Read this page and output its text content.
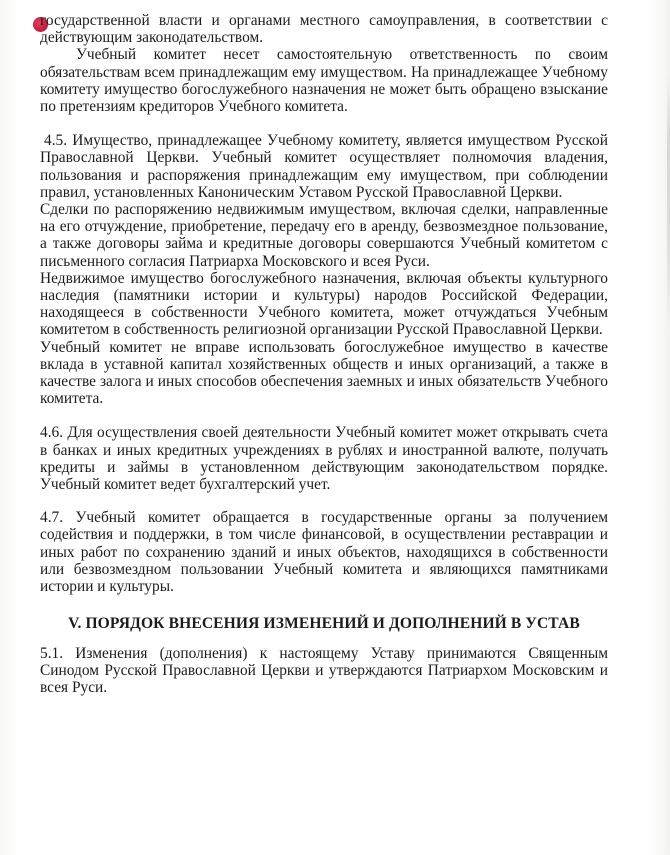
государственной власти и органами местного самоуправления, в соответствии с действующим законодательством.

Учебный комитет несет самостоятельную ответственность по своим обязательствам всем принадлежащим ему имуществом. На принадлежащее Учебному комитету имущество богослужебного назначения не может быть обращено взыскание по претензиям кредиторов Учебного комитета.

4.5. Имущество, принадлежащее Учебному комитету, является имуществом Русской Православной Церкви. Учебный комитет осуществляет полномочия владения, пользования и распоряжения принадлежащим ему имуществом, при соблюдении правил, установленных Каноническим Уставом Русской Православной Церкви.

Сделки по распоряжению недвижимым имуществом, включая сделки, направленные на его отчуждение, приобретение, передачу его в аренду, безвозмездное пользование, а также договоры займа и кредитные договоры совершаются Учебный комитетом с письменного согласия Патриарха Московского и всея Руси.

Недвижимое имущество богослужебного назначения, включая объекты культурного наследия (памятники истории и культуры) народов Российской Федерации, находящееся в собственности Учебного комитета, может отчуждаться Учебным комитетом в собственность религиозной организации Русской Православной Церкви.

Учебный комитет не вправе использовать богослужебное имущество в качестве вклада в уставной капитал хозяйственных обществ и иных организаций, а также в качестве залога и иных способов обеспечения заемных и иных обязательств Учебного комитета.

4.6. Для осуществления своей деятельности Учебный комитет может открывать счета в банках и иных кредитных учреждениях в рублях и иностранной валюте, получать кредиты и займы в установленном действующим законодательством порядке. Учебный комитет ведет бухгалтерский учет.

4.7. Учебный комитет обращается в государственные органы за получением содействия и поддержки, в том числе финансовой, в осуществлении реставрации и иных работ по сохранению зданий и иных объектов, находящихся в собственности или безвозмездном пользовании Учебный комитета и являющихся памятниками истории и культуры.

V. ПОРЯДОК ВНЕСЕНИЯ ИЗМЕНЕНИЙ И ДОПОЛНЕНИЙ В УСТАВ

5.1. Изменения (дополнения) к настоящему Уставу принимаются Священным Синодом Русской Православной Церкви и утверждаются Патриархом Московским и всея Руси.
